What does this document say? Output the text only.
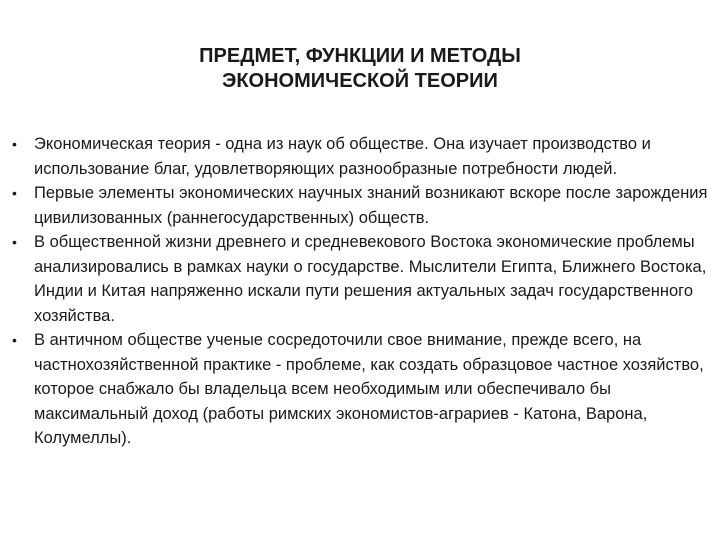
ПРЕДМЕТ, ФУНКЦИИ И МЕТОДЫ
ЭКОНОМИЧЕСКОЙ ТЕОРИИ
• Экономическая теория - одна из наук об обществе. Она изучает производство и использование благ, удовлетворяющих разнообразные потребности людей.
• Первые элементы экономических научных знаний возникают вскоре после зарождения цивилизованных (раннегосударственных) обществ.
• В общественной жизни древнего и средневекового Востока экономические проблемы анализировались в рамках науки о государстве. Мыслители Египта, Ближнего Востока, Индии и Китая напряженно искали пути решения актуальных задач государственного хозяйства.
• В античном обществе ученые сосредоточили свое внимание, прежде всего, на частнохозяйственной практике - проблеме, как создать образцовое частное хозяйство, которое снабжало бы владельца всем необходимым или обеспечивало бы максимальный доход (работы римских экономистов-аграриев - Катона, Варона, Колумеллы).
